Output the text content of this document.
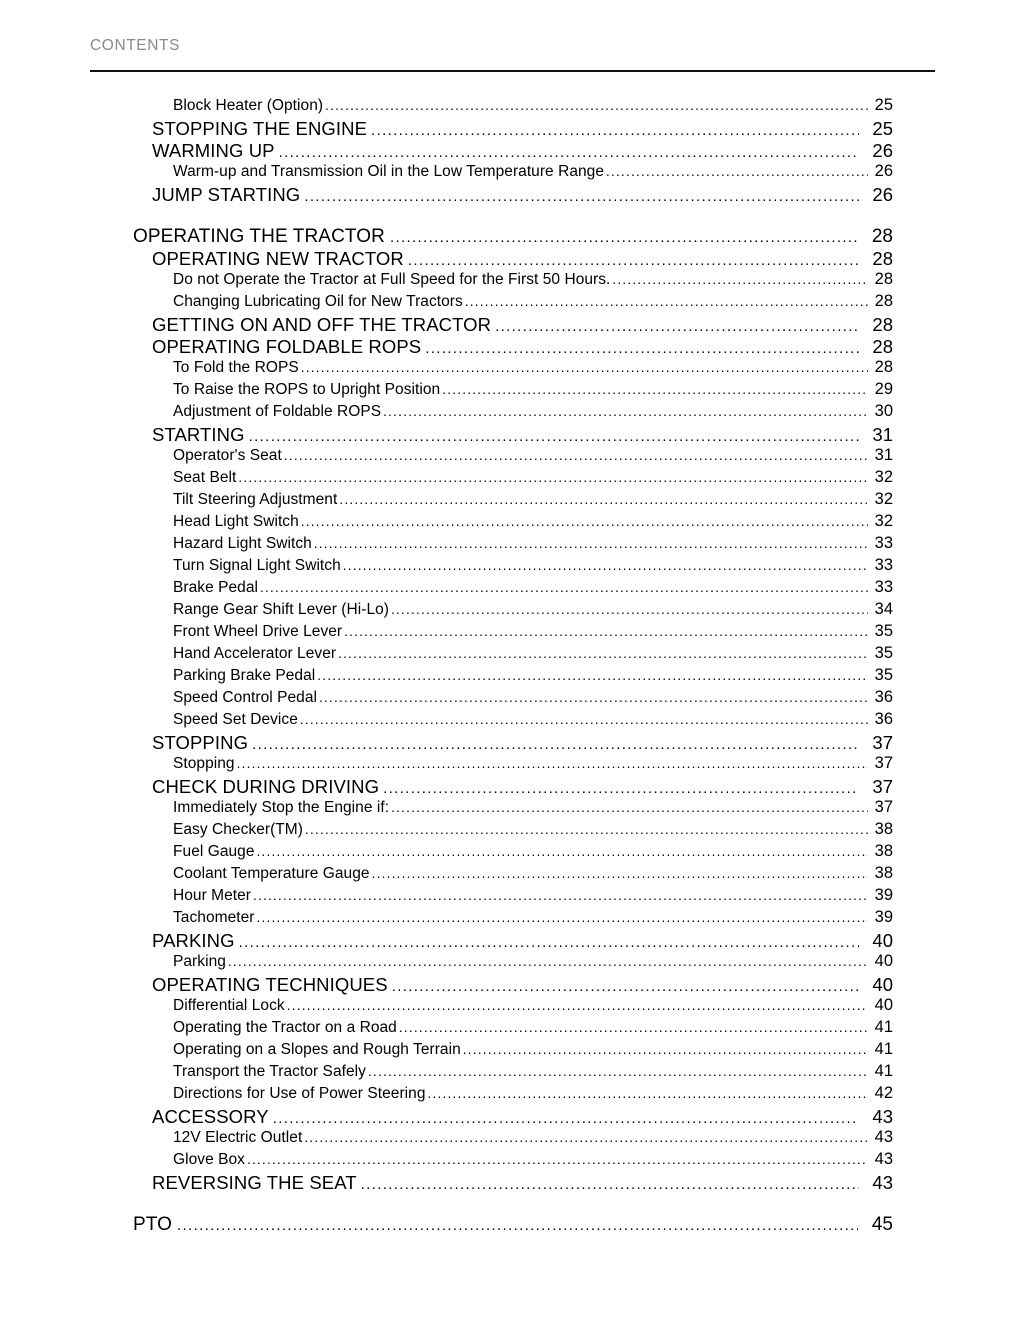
CONTENTS
Block Heater (Option) .....	25
STOPPING THE ENGINE .....	25
WARMING UP .....	26
Warm-up and Transmission Oil in the Low Temperature Range .....	26
JUMP STARTING .....	26
OPERATING THE TRACTOR .....	28
OPERATING NEW TRACTOR .....	28
Do not Operate the Tractor at Full Speed for the First 50 Hours. .....	28
Changing Lubricating Oil for New Tractors .....	28
GETTING ON AND OFF THE TRACTOR .....	28
OPERATING FOLDABLE ROPS .....	28
To Fold the ROPS .....	28
To Raise the ROPS to Upright Position .....	29
Adjustment of Foldable ROPS .....	30
STARTING .....	31
Operator's Seat .....	31
Seat Belt .....	32
Tilt Steering Adjustment .....	32
Head Light Switch .....	32
Hazard Light Switch .....	33
Turn Signal Light Switch .....	33
Brake Pedal .....	33
Range Gear Shift Lever (Hi-Lo) .....	34
Front Wheel Drive Lever .....	35
Hand Accelerator Lever .....	35
Parking Brake Pedal .....	35
Speed Control Pedal .....	36
Speed Set Device .....	36
STOPPING .....	37
Stopping .....	37
CHECK DURING DRIVING .....	37
Immediately Stop the Engine if: .....	37
Easy Checker(TM) .....	38
Fuel Gauge .....	38
Coolant Temperature Gauge .....	38
Hour Meter .....	39
Tachometer .....	39
PARKING .....	40
Parking .....	40
OPERATING TECHNIQUES .....	40
Differential Lock .....	40
Operating the Tractor on a Road .....	41
Operating on a Slopes and Rough Terrain .....	41
Transport the Tractor Safely .....	41
Directions for Use of Power Steering .....	42
ACCESSORY .....	43
12V Electric Outlet .....	43
Glove Box .....	43
REVERSING THE SEAT .....	43
PTO .....	45
